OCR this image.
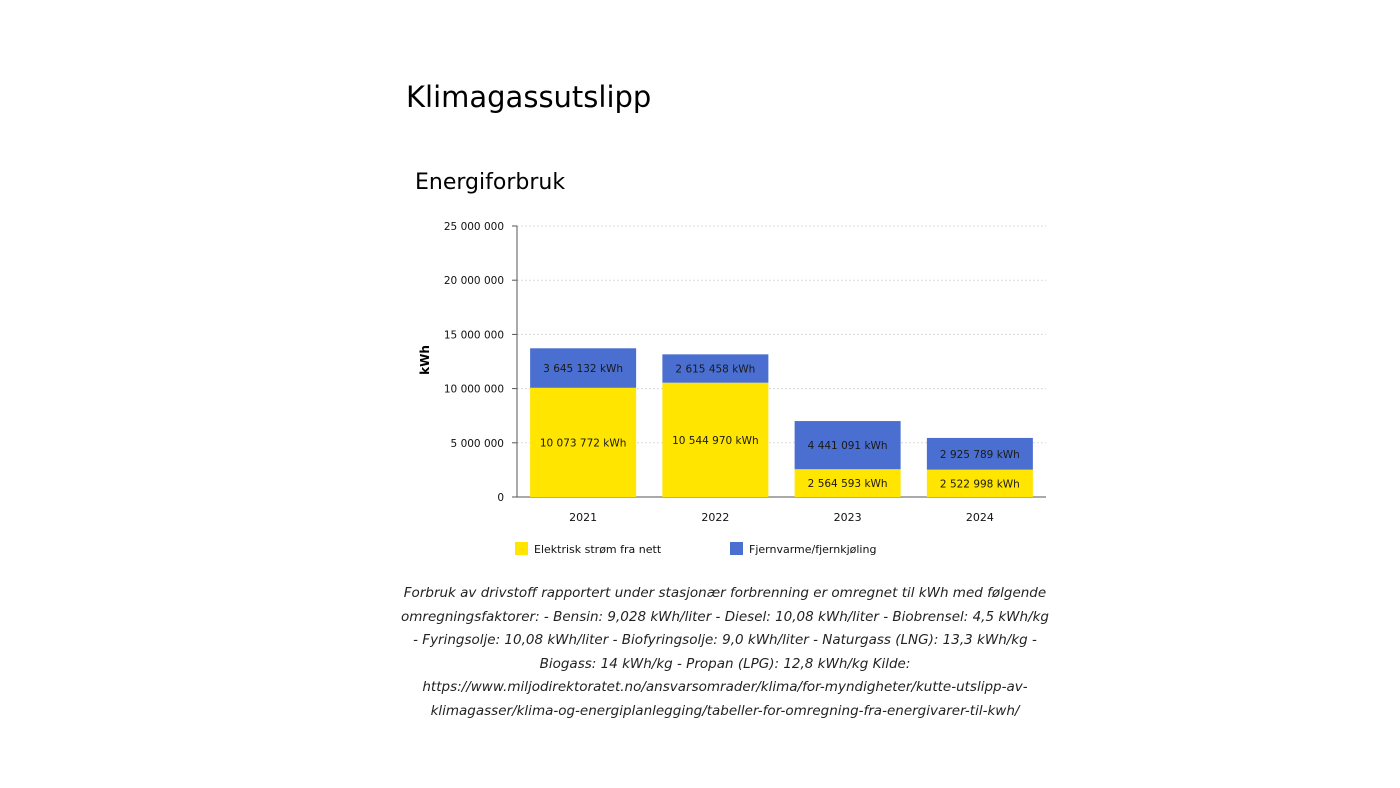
Klimagassutslipp
Energiforbruk
0
5 000 000
10 000 000
15 000 000
20 000 000
25 000 000
2021	2022	2023	2024
10 073 772 kWh
3 645 132 kWh
10 544 970 kWh
2 615 458 kWh
2 564 593 kWh
4 441 091 kWh
2 522 998 kWh
2 925 789 kWh
Elektrisk strøm fra nett	Fjernvarme/fjernkjøling
kWh
Forbruk av drivstoff rapportert under stasjonær forbrenning er omregnet til kWh med følgende
omregningsfaktorer: - Bensin: 9,028 kWh/liter - Diesel: 10,08 kWh/liter - Biobrensel: 4,5 kWh/kg
- Fyringsolje: 10,08 kWh/liter - Biofyringsolje: 9,0 kWh/liter - Naturgass (LNG): 13,3 kWh/kg -
Biogass: 14 kWh/kg - Propan (LPG): 12,8 kWh/kg Kilde:
https://www.miljodirektoratet.no/ansvarsomrader/klima/for-myndigheter/kutte-utslipp-av-
klimagasser/klima-og-energiplanlegging/tabeller-for-omregning-fra-energivarer-til-kwh/
